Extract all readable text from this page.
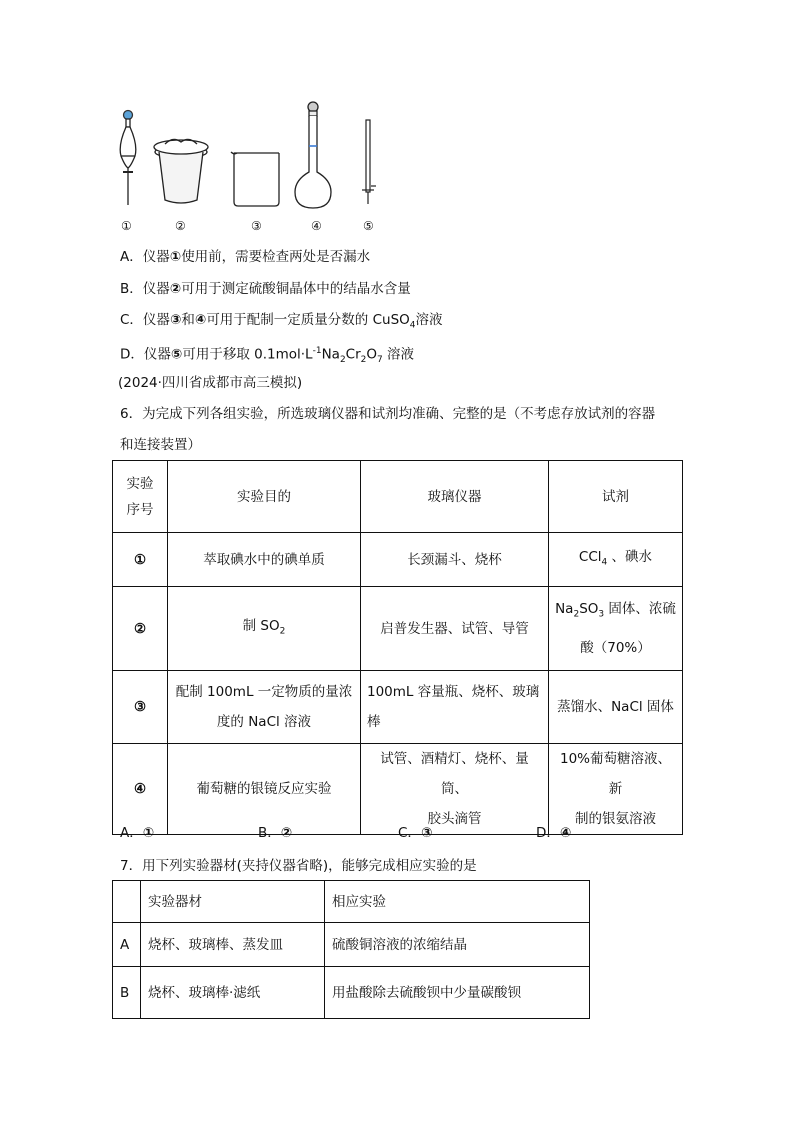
①	②	③	④	⑤
A．仪器①使用前，需要检查两处是否漏水
B．仪器②可用于测定硫酸铜晶体中的结晶水含量
C．仪器③和④可用于配制一定质量分数的 CuSO$_4$溶液
D．仪器⑤可用于移取 $0.1mol\cdot L^{-1}Na_2Cr_2O_7$ 溶液
(2024·四川省成都市高三模拟)
6．为完成下列各组实验，所选玻璃仪器和试剂均准确、完整的是（不考虑存放试剂的容器
和连接装置）
实验
序号	实验目的	玻璃仪器	试剂
①	萃取碘水中的碘单质	长颈漏斗、烧杯	CCl$_4$ 、碘水
②	制 $SO_2$	启普发生器、试管、导管	$Na_2SO_3$ 固体、浓硫
酸（70%）
③	配制 100mL 一定物质的量浓
度的 NaCl 溶液	100mL 容量瓶、烧杯、玻璃
棒	蒸馏水、NaCl 固体
④	葡萄糖的银镜反应实验	试管、酒精灯、烧杯、量筒、
胶头滴管	10%葡萄糖溶液、新
制的银氨溶液
A．①	B．②	C．③	D．④
7．用下列实验器材(夹持仪器省略)，能够完成相应实验的是
	实验器材	相应实验
A	烧杯、玻璃棒、蒸发皿	硫酸铜溶液的浓缩结晶
B	烧杯、玻璃棒·滤纸	用盐酸除去硫酸钡中少量碳酸钡
